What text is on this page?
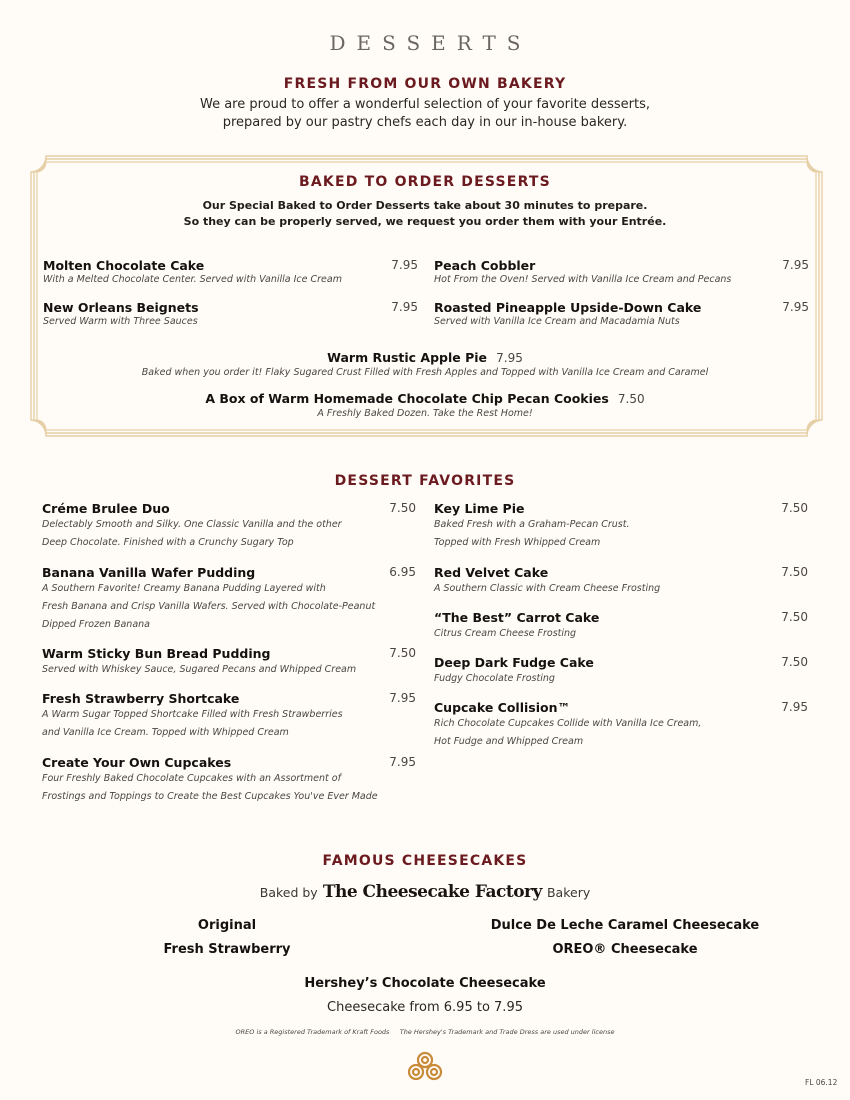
DESSERTS
FRESH FROM OUR OWN BAKERY
We are proud to offer a wonderful selection of your favorite desserts,
prepared by our pastry chefs each day in our in-house bakery.
BAKED TO ORDER DESSERTS
Our Special Baked to Order Desserts take about 30 minutes to prepare.
So they can be properly served, we request you order them with your Entrée.
Molten Chocolate Cake
With a Melted Chocolate Center. Served with Vanilla Ice Cream
7.95
New Orleans Beignets
Served Warm with Three Sauces
7.95
Peach Cobbler
Hot From the Oven! Served with Vanilla Ice Cream and Pecans
7.95
Roasted Pineapple Upside-Down Cake
Served with Vanilla Ice Cream and Macadamia Nuts
7.95
Warm Rustic Apple Pie 7.95
Baked when you order it! Flaky Sugared Crust Filled with Fresh Apples and Topped with Vanilla Ice Cream and Caramel
A Box of Warm Homemade Chocolate Chip Pecan Cookies 7.50
A Freshly Baked Dozen. Take the Rest Home!
DESSERT FAVORITES
Créme Brulee Duo
Delectably Smooth and Silky. One Classic Vanilla and the other
Deep Chocolate. Finished with a Crunchy Sugary Top
7.50
Banana Vanilla Wafer Pudding
A Southern Favorite! Creamy Banana Pudding Layered with
Fresh Banana and Crisp Vanilla Wafers. Served with Chocolate-Peanut
Dipped Frozen Banana
6.95
Warm Sticky Bun Bread Pudding
Served with Whiskey Sauce, Sugared Pecans and Whipped Cream
7.50
Fresh Strawberry Shortcake
A Warm Sugar Topped Shortcake Filled with Fresh Strawberries
and Vanilla Ice Cream. Topped with Whipped Cream
7.95
Create Your Own Cupcakes
Four Freshly Baked Chocolate Cupcakes with an Assortment of
Frostings and Toppings to Create the Best Cupcakes You've Ever Made
7.95
Key Lime Pie
Baked Fresh with a Graham-Pecan Crust.
Topped with Fresh Whipped Cream
7.50
Red Velvet Cake
A Southern Classic with Cream Cheese Frosting
7.50
“The Best” Carrot Cake
Citrus Cream Cheese Frosting
7.50
Deep Dark Fudge Cake
Fudgy Chocolate Frosting
7.50
Cupcake Collision™
Rich Chocolate Cupcakes Collide with Vanilla Ice Cream,
Hot Fudge and Whipped Cream
7.95
FAMOUS CHEESECAKES
Baked by The Cheesecake Factory Bakery
Original
Fresh Strawberry
Dulce De Leche Caramel Cheesecake
OREO® Cheesecake
Hershey’s Chocolate Cheesecake
Cheesecake from 6.95 to 7.95
OREO is a Registered Trademark of Kraft Foods     The Hershey's Trademark and Trade Dress are used under license
FL 06.12
